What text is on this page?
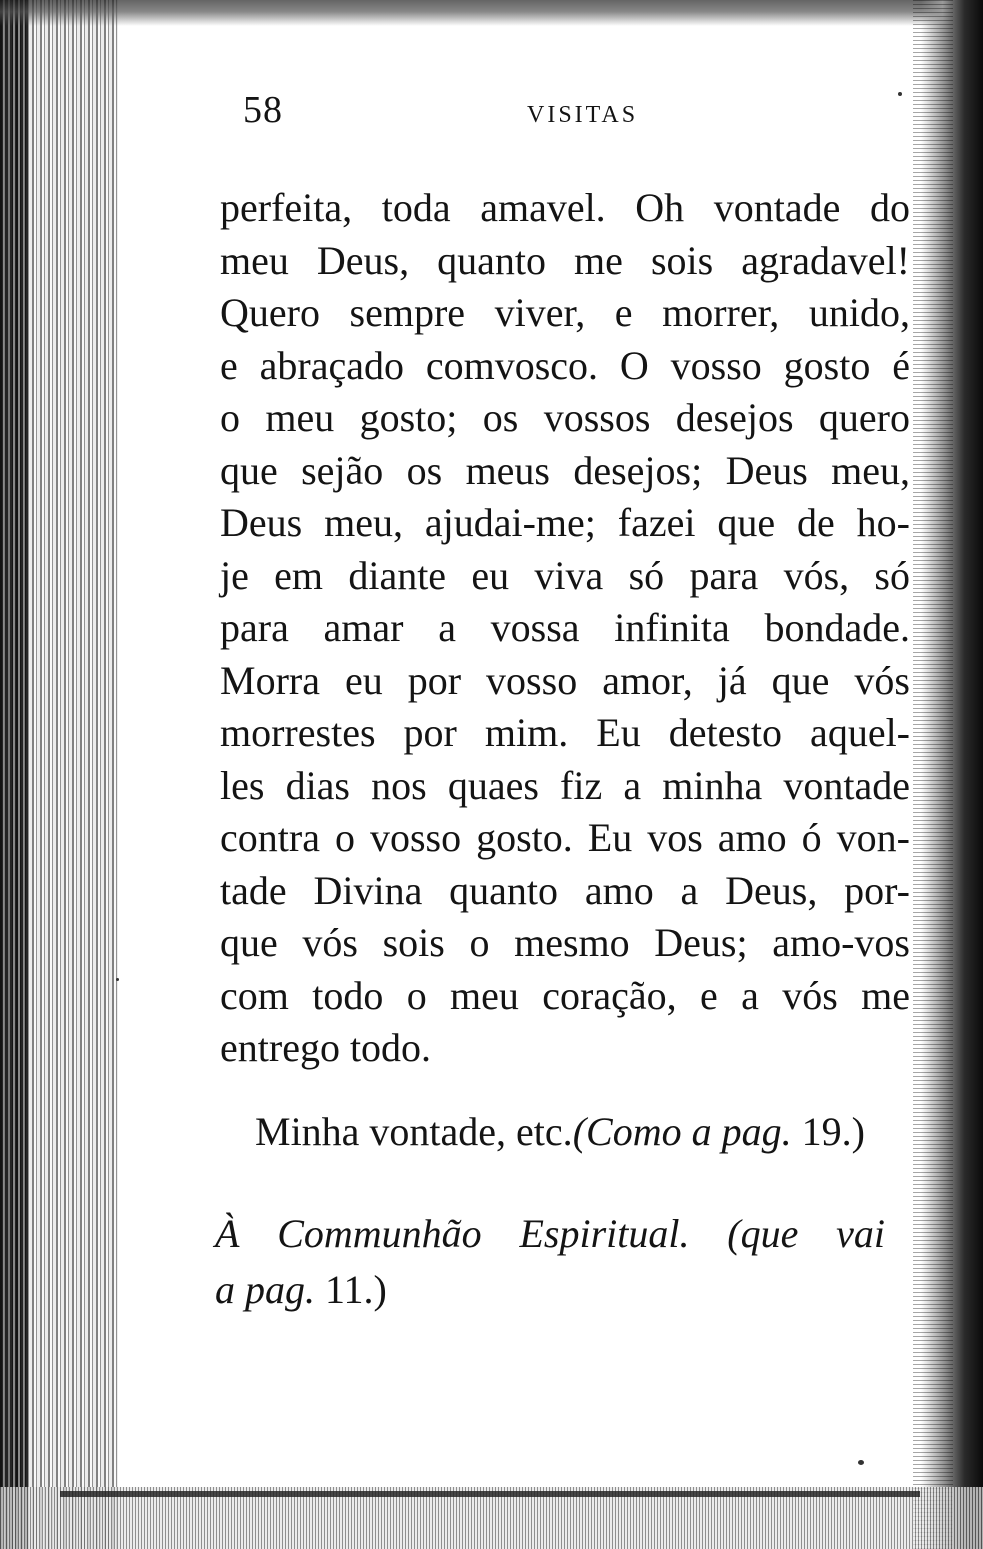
58	VISITAS
perfeita, toda amavel. Oh vontade do
meu Deus, quanto me sois agradavel!
Quero sempre viver, e morrer, unido,
e abraçado comvosco. O vosso gosto é
o meu gosto; os vossos desejos quero
que sejão os meus desejos; Deus meu,
Deus meu, ajudai-me; fazei que de ho-
je em diante eu viva só para vós, só
para amar a vossa infinita bondade.
Morra eu por vosso amor, já que vós
morrestes por mim. Eu detesto aquel-
les dias nos quaes fiz a minha vontade
contra o vosso gosto. Eu vos amo ó von-
tade Divina quanto amo a Deus, por-
que vós sois o mesmo Deus; amo-vos
com todo o meu coração, e a vós me
entrego todo.
Minha vontade, etc.(Como a pag. 19.)
À Communhão Espiritual. (que vai
a pag. 11.)
